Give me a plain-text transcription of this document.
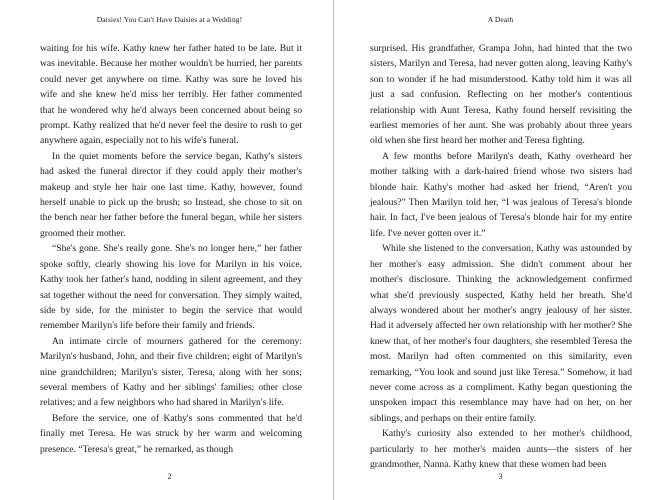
Daisies! You Can't Have Daisies at a Wedding!

waiting for his wife. Kathy knew her father hated to be late. But it was inevitable. Because her mother wouldn't be hurried, her parents could never get anywhere on time. Kathy was sure he loved his wife and she knew he'd miss her terribly. Her father commented that he wondered why he'd always been concerned about being so prompt. Kathy realized that he'd never feel the desire to rush to get anywhere again, especially not to his wife's funeral.

In the quiet moments before the service began, Kathy's sisters had asked the funeral director if they could apply their mother's makeup and style her hair one last time. Kathy, however, found herself unable to pick up the brush; so Instead, she chose to sit on the bench near her father before the funeral began, while her sisters groomed their mother.

“She's gone. She's really gone. She's no longer here,” her father spoke softly, clearly showing his love for Marilyn in his voice. Kathy took her father's hand, nodding in silent agreement, and they sat together without the need for conversation. They simply waited, side by side, for the minister to begin the service that would remember Marilyn's life before their family and friends.

An intimate circle of mourners gathered for the ceremony: Marilyn's husband, John, and their five children; eight of Marilyn's nine grandchildren; Marilyn's sister, Teresa, along with her sons; several members of Kathy and her siblings' families; other close relatives; and a few neighbors who had shared in Marilyn's life.

Before the service, one of Kathy's sons commented that he'd finally met Teresa. He was struck by her warm and welcoming presence. “Teresa's great,” he remarked, as though

2
A Death

surprised. His grandfather, Grampa John, had hinted that the two sisters, Marilyn and Teresa, had never gotten along, leaving Kathy's son to wonder if he had misunderstood. Kathy told him it was all just a sad confusion. Reflecting on her mother's contentious relationship with Aunt Teresa, Kathy found herself revisiting the earliest memories of her aunt. She was probably about three years old when she first heard her mother and Teresa fighting.

A few months before Marilyn's death, Kathy overheard her mother talking with a dark-haired friend whose two sisters had blonde hair. Kathy's mother had asked her friend, “Aren't you jealous?” Then Marilyn told her, “I was jealous of Teresa's blonde hair. In fact, I've been jealous of Teresa's blonde hair for my entire life. I've never gotten over it.”

While she listened to the conversation, Kathy was astounded by her mother's easy admission. She didn't comment about her mother's disclosure. Thinking the acknowledgement confirmed what she'd previously suspected, Kathy held her breath. She'd always wondered about her mother's angry jealousy of her sister. Had it adversely affected her own relationship with her mother? She knew that, of her mother's four daughters, she resembled Teresa the most. Marilyn had often commented on this similarity, even remarking, “You look and sound just like Teresa.” Somehow, it had never come across as a compliment. Kathy began questioning the unspoken impact this resemblance may have had on her, on her siblings, and perhaps on their entire family.

Kathy's curiosity also extended to her mother's childhood, particularly to her mother's maiden aunts—the sisters of her grandmother, Nanna. Kathy knew that these women had been

3
